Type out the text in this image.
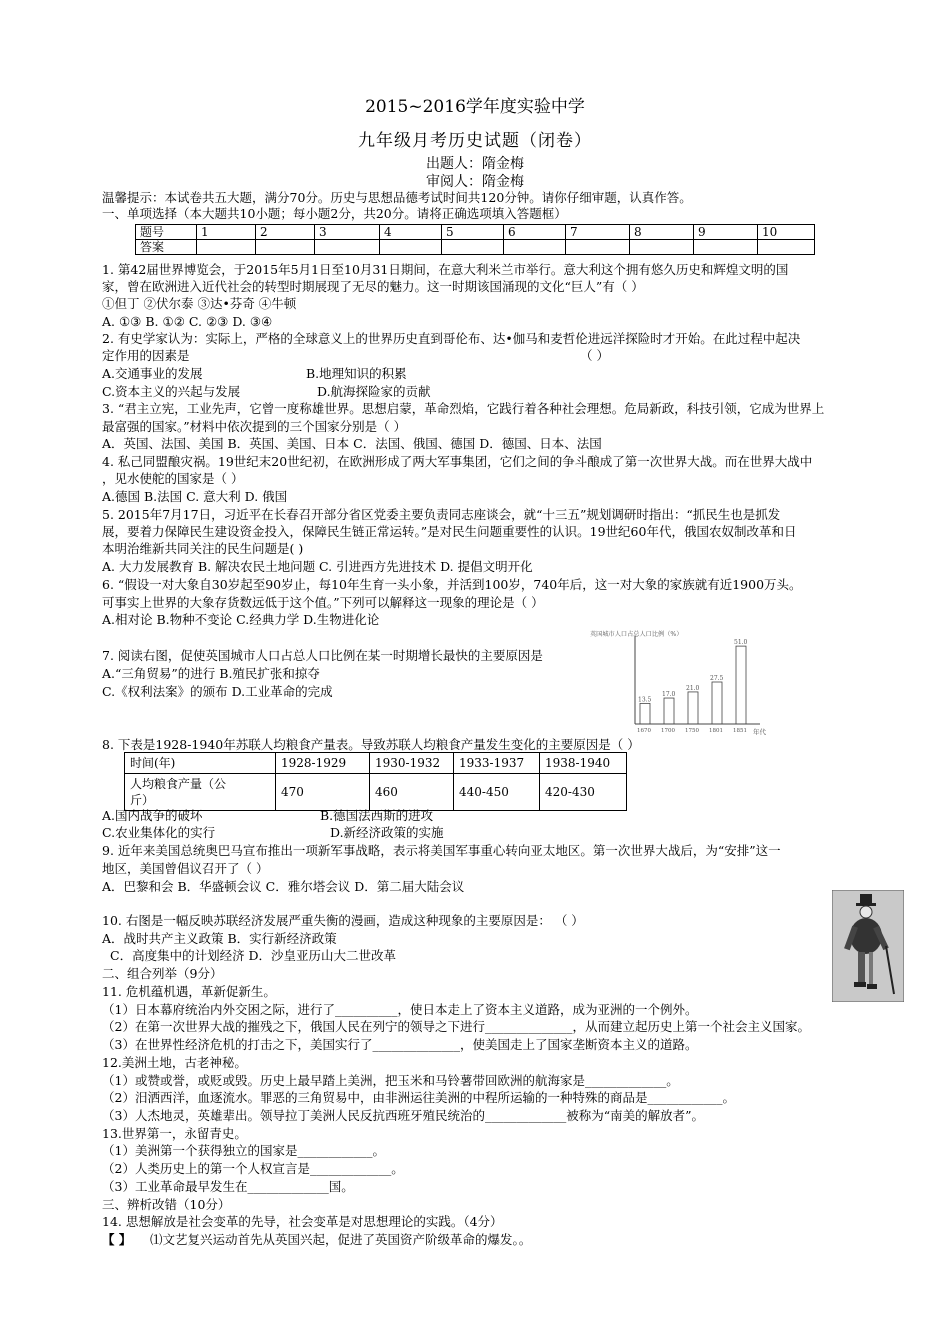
2015~2016学年度实验中学
九年级月考历史试题（闭卷）
出题人：隋金梅
审阅人：隋金梅
温馨提示：本试卷共五大题，满分70分。历史与思想品德考试时间共120分钟。请你仔细审题，认真作答。
一、单项选择（本大题共10小题；每小题2分，共20分。请将正确选项填入答题框）
题号	1	2	3	4	5	6	7	8	9	10
答案										
1. 第42届世界博览会，于2015年5月1日至10月31日期间，在意大利米兰市举行。意大利这个拥有悠久历史和辉煌文明的国
家，曾在欧洲进入近代社会的转型时期展现了无尽的魅力。这一时期该国涌现的文化“巨人”有（ ）
①但丁 ②伏尔泰 ③达•芬奇 ④牛顿
A. ①③ B. ①② C. ②③ D. ③④
2. 有史学家认为：实际上，严格的全球意义上的世界历史直到哥伦布、达•伽马和麦哲伦进远洋探险时才开始。在此过程中起决
定作用的因素是	（ ）
A.交通事业的发展	B.地理知识的积累
C.资本主义的兴起与发展	D.航海探险家的贡献
3. “君主立宪，工业先声，它曾一度称雄世界。思想启蒙，革命烈焰，它践行着各种社会理想。危局新政，科技引领，它成为世界上
最富强的国家。”材料中依次提到的三个国家分别是（ ）
A．英国、法国、美国 B．英国、美国、日本 C．法国、俄国、德国 D．德国、日本、法国
4. 私己同盟酿灾祸。19世纪末20世纪初，在欧洲形成了两大军事集团，它们之间的争斗酿成了第一次世界大战。而在世界大战中
，见水使舵的国家是（ ）
A.德国 B.法国 C. 意大利 D. 俄国
5. 2015年7月17日，习近平在长春召开部分省区党委主要负责同志座谈会，就“十三五”规划调研时指出：“抓民生也是抓发
展，要着力保障民生建设资金投入，保障民生链正常运转。”是对民生问题重要性的认识。19世纪60年代，俄国农奴制改革和日
本明治维新共同关注的民生问题是( )
A. 大力发展教育 B. 解决农民土地问题 C. 引进西方先进技术 D. 提倡文明开化
6. “假设一对大象自30岁起至90岁止，每10年生育一头小象，并活到100岁，740年后，这一对大象的家族就有近1900万头。
可事实上世界的大象存货数远低于这个值。”下列可以解释这一现象的理论是（ ）
A.相对论 B.物种不变论 C.经典力学 D.生物进化论
7. 阅读右图，促使英国城市人口占总人口比例在某一时期增长最快的主要原因是
A.“三角贸易”的进行 B.殖民扩张和掠夺
C.《权利法案》的颁布 D.工业革命的完成
英国城市人口占总人口比例（%）
年代
13.5
1670
17.0
1700
21.0
1750
27.5
1801
51.0
1851
8. 下表是1928-1940年苏联人均粮食产量表。导致苏联人均粮食产量发生变化的主要原因是（ ）
时间(年)	1928-1929	1930-1932	1933-1937	1938-1940

人均粮食产量（公
斤）	470	460	440-450	420-430
A.国内战争的破坏	B.德国法西斯的进攻
C.农业集体化的实行	D.新经济政策的实施
9. 近年来美国总统奥巴马宣布推出一项新军事战略，表示将美国军事重心转向亚太地区。第一次世界大战后，为“安排”这一
地区，美国曾倡议召开了（ ）
A．巴黎和会 B．华盛顿会议 C．雅尔塔会议 D．第二届大陆会议
10. 右图是一幅反映苏联经济发展严重失衡的漫画，造成这种现象的主要原因是： （ ）
A．战时共产主义政策 B．实行新经济政策
C．高度集中的计划经济 D．沙皇亚历山大二世改革
二、组合列举（9分）
11. 危机蕴机遇，革新促新生。
（1）日本幕府统治内外交困之际，进行了__________，使日本走上了资本主义道路，成为亚洲的一个例外。
（2）在第一次世界大战的摧残之下，俄国人民在列宁的领导之下进行______________，从而建立起历史上第一个社会主义国家。
（3）在世界性经济危机的打击之下，美国实行了______________，使美国走上了国家垄断资本主义的道路。
12.美洲土地，古老神秘。
（1）或赞或誉，或贬或毁。历史上最早踏上美洲，把玉米和马铃薯带回欧洲的航海家是_____________。
（2）汨洒西洋，血逐流水。罪恶的三角贸易中，由非洲运往美洲的中程所运输的一种特殊的商品是____________。
（3）人杰地灵，英雄辈出。领导拉丁美洲人民反抗西班牙殖民统治的_____________被称为“南美的解放者”。
13.世界第一，永留青史。
（1）美洲第一个获得独立的国家是____________。
（2）人类历史上的第一个人权宣言是_____________。
（3）工业革命最早发生在_____________国。
三、辨析改错（10分）
14. 思想解放是社会变革的先导，社会变革是对思想理论的实践。（4分）
【 】 ⑴文艺复兴运动首先从英国兴起，促进了英国资产阶级革命的爆发。。
